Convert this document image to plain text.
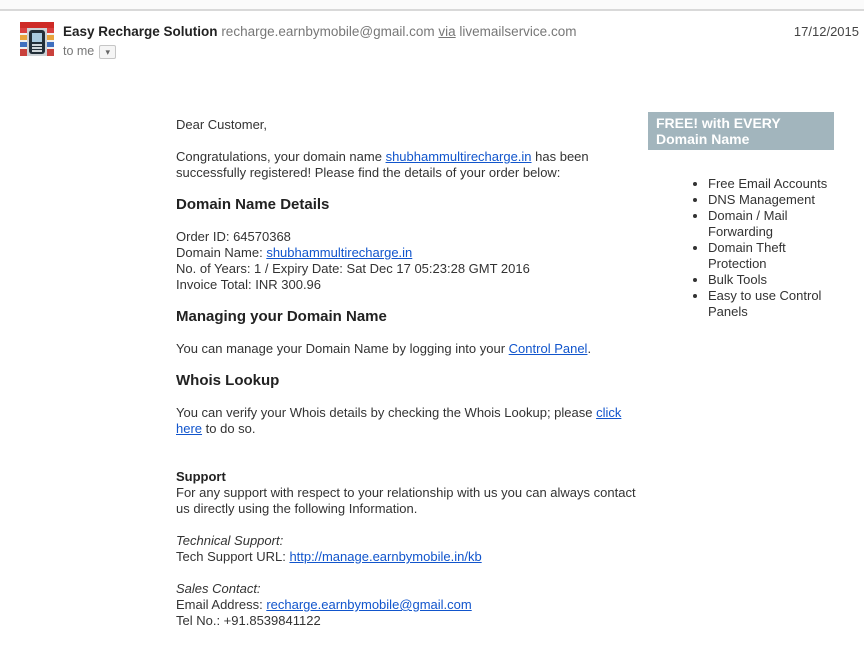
Easy Recharge Solution recharge.earnbymobile@gmail.com via livemailservice.com
to me ▾
17/12/2015

Dear Customer,

Congratulations, your domain name shubhammultirecharge.in has been successfully registered! Please find the details of your order below:

Domain Name Details

Order ID: 64570368

Domain Name: shubhammultirecharge.in

No. of Years: 1 / Expiry Date: Sat Dec 17 05:23:28 GMT 2016

Invoice Total: INR 300.96

Managing your Domain Name

You can manage your Domain Name by logging into your Control Panel.

Whois Lookup

You can verify your Whois details by checking the Whois Lookup; please click here to do so.

Support

For any support with respect to your relationship with us you can always contact us directly using the following Information.

Technical Support:

Tech Support URL: http://manage.earnbymobile.in/kb

Sales Contact:

Email Address: recharge.earnbymobile@gmail.com

Tel No.: +91.8539841122

FREE! with EVERY Domain Name
• Free Email Accounts
• DNS Management
• Domain / Mail Forwarding
• Domain Theft Protection
• Bulk Tools
• Easy to use Control Panels
